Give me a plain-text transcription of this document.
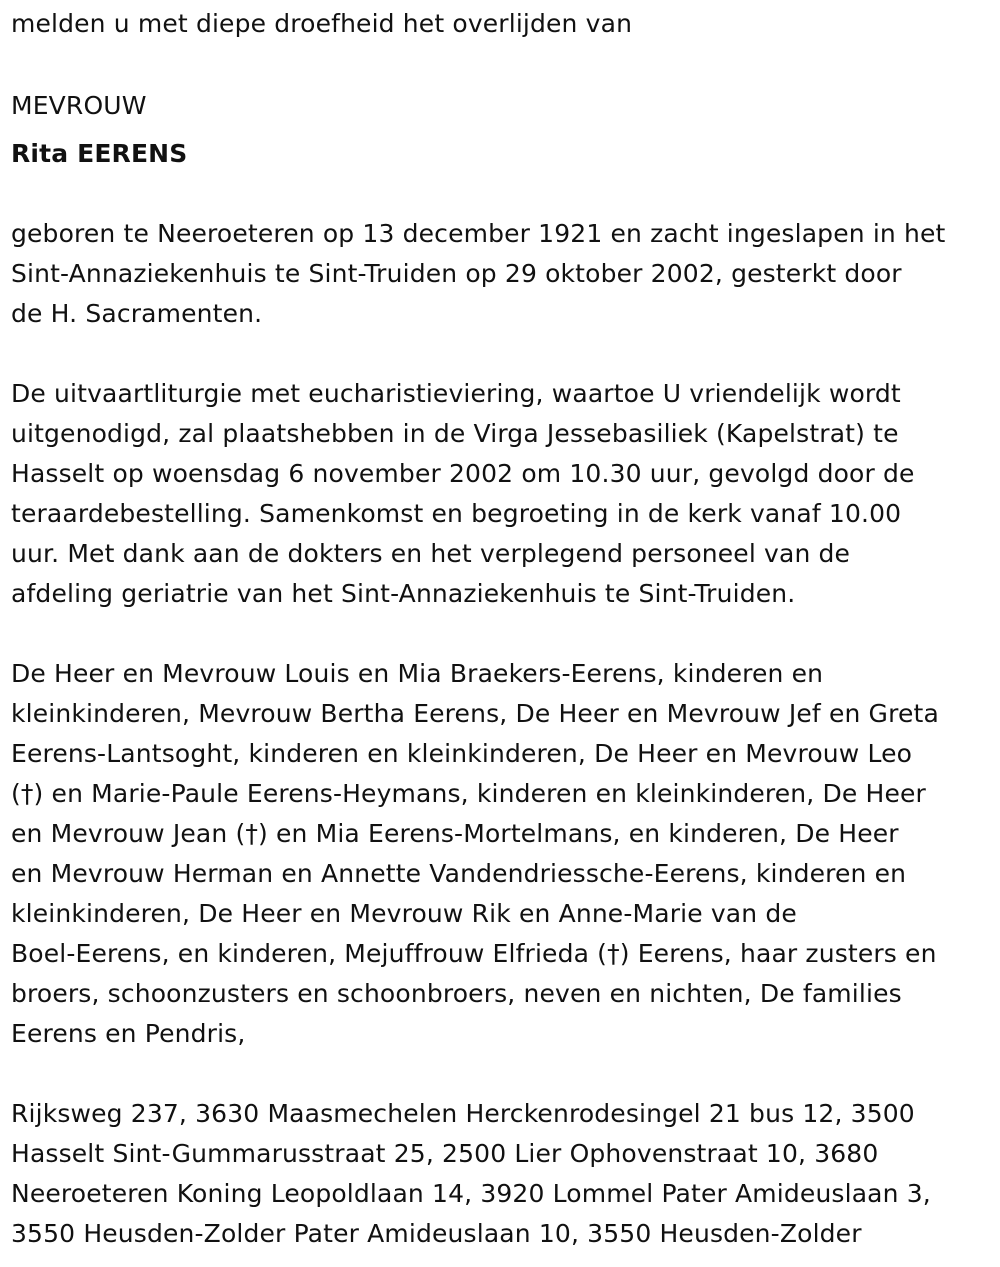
melden u met diepe droefheid het overlijden van
MEVROUW
Rita EERENS
geboren te Neeroeteren op 13 december 1921 en zacht ingeslapen in het
Sint-Annaziekenhuis te Sint-Truiden op 29 oktober 2002, gesterkt door
de H. Sacramenten.
De uitvaartliturgie met eucharistieviering, waartoe U vriendelijk wordt
uitgenodigd, zal plaatshebben in de Virga Jessebasiliek (Kapelstrat) te
Hasselt op woensdag 6 november 2002 om 10.30 uur, gevolgd door de
teraardebestelling. Samenkomst en begroeting in de kerk vanaf 10.00
uur. Met dank aan de dokters en het verplegend personeel van de
afdeling geriatrie van het Sint-Annaziekenhuis te Sint-Truiden.
De Heer en Mevrouw Louis en Mia Braekers-Eerens, kinderen en
kleinkinderen, Mevrouw Bertha Eerens, De Heer en Mevrouw Jef en Greta
Eerens-Lantsoght, kinderen en kleinkinderen, De Heer en Mevrouw Leo
(†) en Marie-Paule Eerens-Heymans, kinderen en kleinkinderen, De Heer
en Mevrouw Jean (†) en Mia Eerens-Mortelmans, en kinderen, De Heer
en Mevrouw Herman en Annette Vandendriessche-Eerens, kinderen en
kleinkinderen, De Heer en Mevrouw Rik en Anne-Marie van de
Boel-Eerens, en kinderen, Mejuffrouw Elfrieda (†) Eerens, haar zusters en
broers, schoonzusters en schoonbroers, neven en nichten, De families
Eerens en Pendris,
Rijksweg 237, 3630 Maasmechelen Herckenrodesingel 21 bus 12, 3500
Hasselt Sint-Gummarusstraat 25, 2500 Lier Ophovenstraat 10, 3680
Neeroeteren Koning Leopoldlaan 14, 3920 Lommel Pater Amideuslaan 3,
3550 Heusden-Zolder Pater Amideuslaan 10, 3550 Heusden-Zolder
